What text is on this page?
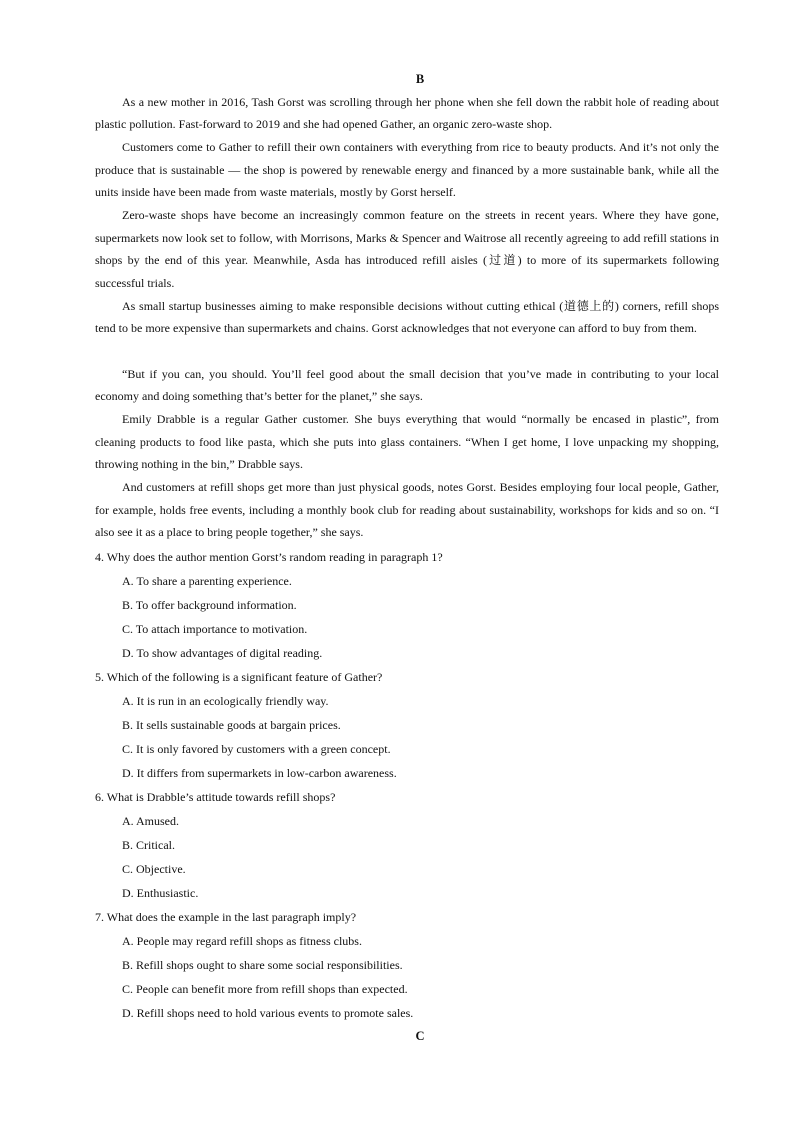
B

As a new mother in 2016, Tash Gorst was scrolling through her phone when she fell down the rabbit hole of reading about plastic pollution. Fast-forward to 2019 and she had opened Gather, an organic zero-waste shop.

Customers come to Gather to refill their own containers with everything from rice to beauty products. And it’s not only the produce that is sustainable — the shop is powered by renewable energy and financed by a more sustainable bank, while all the units inside have been made from waste materials, mostly by Gorst herself.

Zero-waste shops have become an increasingly common feature on the streets in recent years. Where they have gone, supermarkets now look set to follow, with Morrisons, Marks & Spencer and Waitrose all recently agreeing to add refill stations in shops by the end of this year. Meanwhile, Asda has introduced refill aisles (过道) to more of its supermarkets following successful trials.

As small startup businesses aiming to make responsible decisions without cutting ethical (道德上的) corners, refill shops tend to be more expensive than supermarkets and chains. Gorst acknowledges that not everyone can afford to buy from them.

“But if you can, you should. You’ll feel good about the small decision that you’ve made in contributing to your local economy and doing something that’s better for the planet,” she says.

Emily Drabble is a regular Gather customer. She buys everything that would “normally be encased in plastic”, from cleaning products to food like pasta, which she puts into glass containers. “When I get home, I love unpacking my shopping, throwing nothing in the bin,” Drabble says.

And customers at refill shops get more than just physical goods, notes Gorst. Besides employing four local people, Gather, for example, holds free events, including a monthly book club for reading about sustainability, workshops for kids and so on. “I also see it as a place to bring people together,” she says.

4. Why does the author mention Gorst’s random reading in paragraph 1?
A. To share a parenting experience.
B. To offer background information.
C. To attach importance to motivation.
D. To show advantages of digital reading.
5. Which of the following is a significant feature of Gather?
A. It is run in an ecologically friendly way.
B. It sells sustainable goods at bargain prices.
C. It is only favored by customers with a green concept.
D. It differs from supermarkets in low-carbon awareness.
6. What is Drabble’s attitude towards refill shops?
A. Amused.
B. Critical.
C. Objective.
D. Enthusiastic.
7. What does the example in the last paragraph imply?
A. People may regard refill shops as fitness clubs.
B. Refill shops ought to share some social responsibilities.
C. People can benefit more from refill shops than expected.
D. Refill shops need to hold various events to promote sales.
C
